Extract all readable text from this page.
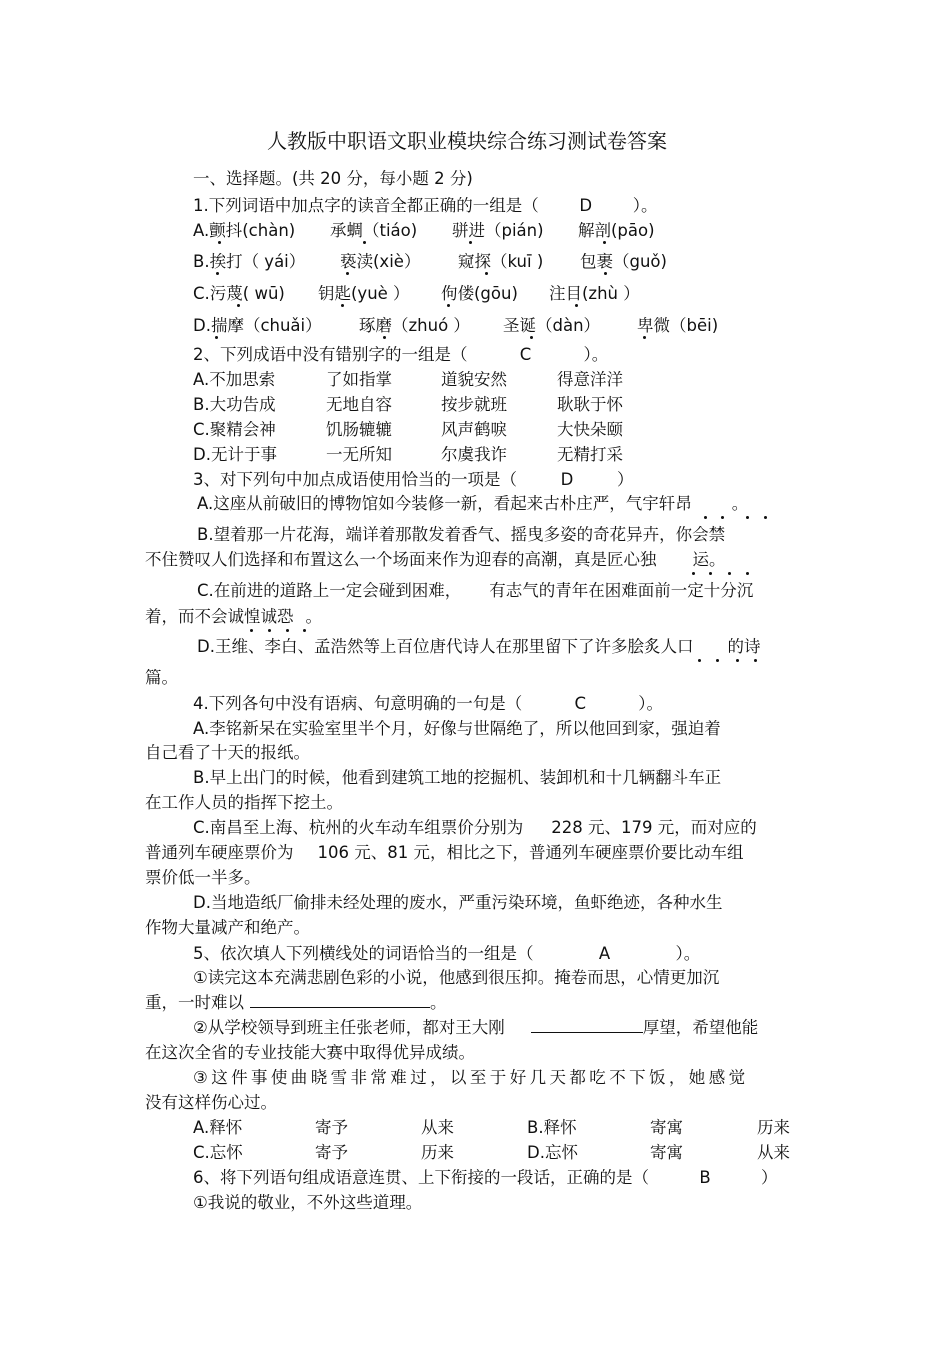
人教版中职语文职业模块综合练习测试卷答案
一、选择题。(共 20 分，每小题 2 分)
1.下列词语中加点字的读音全都正确的一组是（ D ）。
A.颤抖(chàn) 承蜩（tiáo) 骈进（pián) 解剖(pāo)
B.挨打（ yái） 亵渎(xiè） 窥探（kuī ) 包裹（guǒ)
C.污蔑( wū) 钥匙(yuè ） 佝偻(gōu) 注目(zhù ）
D.揣摩（chuǎi） 琢磨（zhuó ） 圣诞（dàn） 卑微（bēi)
2、下列成语中没有错别字的一组是（	C	）。
A.不加思索	了如指掌	道貌安然	得意洋洋
B.大功告成	无地自容	按步就班	耿耿于怀
C.聚精会神	饥肠辘辘	风声鹤唳	大快朵颐
D.无计于事	一无所知	尔虞我诈	无精打采
3、对下列句中加点成语使用恰当的一项是（	D	）
A.这座从前破旧的博物馆如今装修一新，看起来古朴庄严，气宇轩昂 。
B.望着那一片花海，端详着那散发着香气、摇曳多姿的奇花异卉，你会禁
不住赞叹人们选择和布置这么一个场面来作为迎春的高潮，真是匠心独 运。
C.在前进的道路上一定会碰到困难， 有志气的青年在困难面前一定十分沉
着，而不会诚惶诚恐 。
D.王维、李白、孟浩然等上百位唐代诗人在那里留下了许多脍炙人口 的诗
篇。
4.下列各句中没有语病、句意明确的一句是（	C	）。
A.李铭新呆在实验室里半个月，好像与世隔绝了，所以他回到家，强迫着
自己看了十天的报纸。
B.早上出门的时候，他看到建筑工地的挖掘机、装卸机和十几辆翻斗车正
在工作人员的指挥下挖土。
C.南昌至上海、杭州的火车动车组票价分别为 228 元、179 元，而对应的
普通列车硬座票价为 106 元、81 元，相比之下，普通列车硬座票价要比动车组
票价低一半多。
D.当地造纸厂偷排未经处理的废水，严重污染环境，鱼虾绝迹，各种水生
作物大量减产和绝产。
5、依次填人下列横线处的词语恰当的一组是（	A	）。
①读完这本充满悲剧色彩的小说，他感到很压抑。掩卷而思，心情更加沉
重，一时难以	。
②从学校领导到班主任张老师，都对王大刚	厚望，希望他能
在这次全省的专业技能大赛中取得优异成绩。
③这件事使曲晓雪非常难过，以至于好几天都吃不下饭，她感觉
没有这样伤心过。
A.释怀	寄予	从来	B.释怀	寄寓	历来
C.忘怀	寄予	历来	D.忘怀	寄寓	从来
6、将下列语句组成语意连贯、上下衔接的一段话，正确的是（	B	）
①我说的敬业，不外这些道理。
